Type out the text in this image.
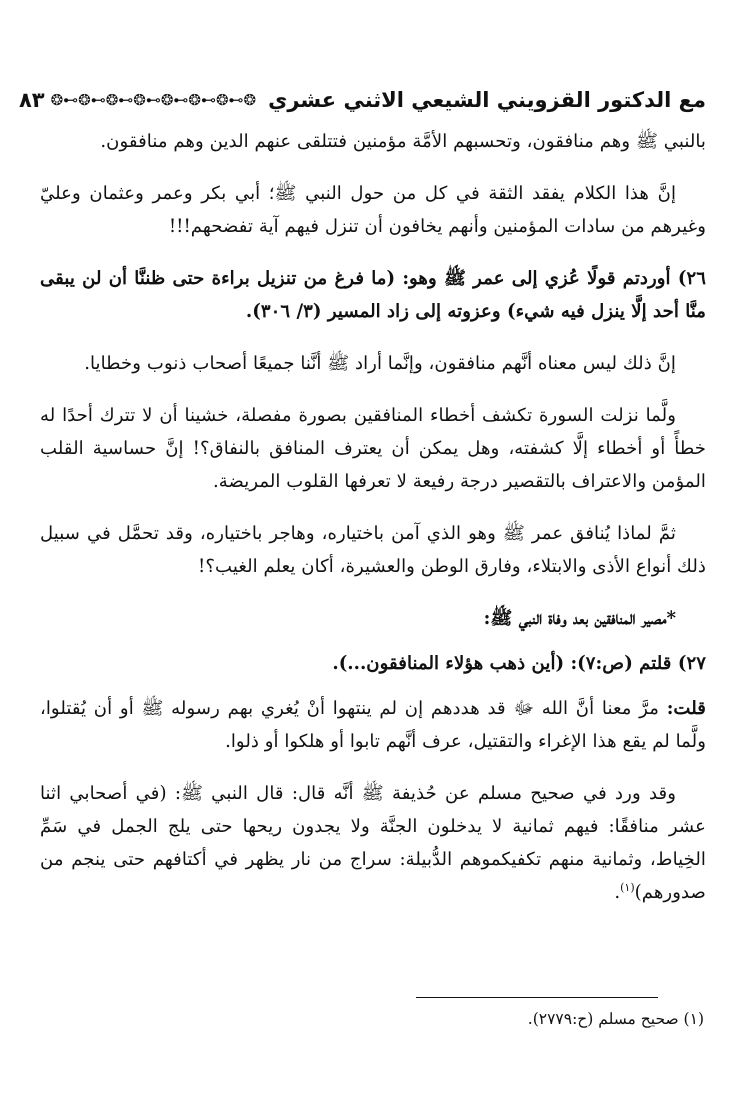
مع الدكتور القزويني الشيعي الاثني عشري
❂⊷❂⊷❂⊷❂⊷❂⊷❂⊷❂⊷❂
٨٣

بالنبي ﷺ وهم منافقون، وتحسبهم الأمَّة مؤمنين فتتلقى عنهم الدين وهم منافقون.

إنَّ هذا الكلام يفقد الثقة في كل من حول النبي ﷺ؛ أبي بكر وعمر وعثمان وعليّ وغيرهم من سادات المؤمنين وأنهم يخافون أن تنزل فيهم آية تفضحهم!!!

٢٦) أوردتم قولًا عُزي إلى عمر ﷺ وهو: (ما فرغ من تنزيل براءة حتى ظننَّا أن لن يبقى منَّا أحد إلَّا ينزل فيه شيء) وعزوته إلى زاد المسير (٣/ ٣٠٦).

إنَّ ذلك ليس معناه أنَّهم منافقون، وإنَّما أراد ﷺ أنَّنا جميعًا أصحاب ذنوب وخطايا.

ولَّما نزلت السورة تكشف أخطاء المنافقين بصورة مفصلة، خشينا أن لا تترك أحدًا له خطأً أو أخطاء إلَّا كشفته، وهل يمكن أن يعترف المنافق بالنفاق؟! إنَّ حساسية القلب المؤمن والاعتراف بالتقصير درجة رفيعة لا تعرفها القلوب المريضة.

ثمَّ لماذا يُنافق عمر ﷺ وهو الذي آمن باختياره، وهاجر باختياره، وقد تحمَّل في سبيل ذلك أنواع الأذى والابتلاء، وفارق الوطن والعشيرة، أكان يعلم الغيب؟!

*مصير المنافقين بعد وفاة النبي ﷺ:

٢٧) قلتم (ص:٧): (أين ذهب هؤلاء المنافقون...).

قلت: مرَّ معنا أنَّ الله ﷻ قد هددهم إن لم ينتهوا أنْ يُغري بهم رسوله ﷺ أو أن يُقتلوا، ولَّما لم يقع هذا الإغراء والتقتيل، عرف أنَّهم تابوا أو هلكوا أو ذلوا.

وقد ورد في صحيح مسلم عن حُذيفة ﷺ أنَّه قال: قال النبي ﷺ: (في أصحابي اثنا عشر منافقًا: فيهم ثمانية لا يدخلون الجنَّة ولا يجدون ريحها حتى يلج الجمل في سَمِّ الخِياط، وثمانية منهم تكفيكموهم الدُّبيلة: سراج من نار يظهر في أكتافهم حتى ينجم من صدورهم)$^{(١)}$.

(١) صحيح مسلم (ح:٢٧٧٩).
